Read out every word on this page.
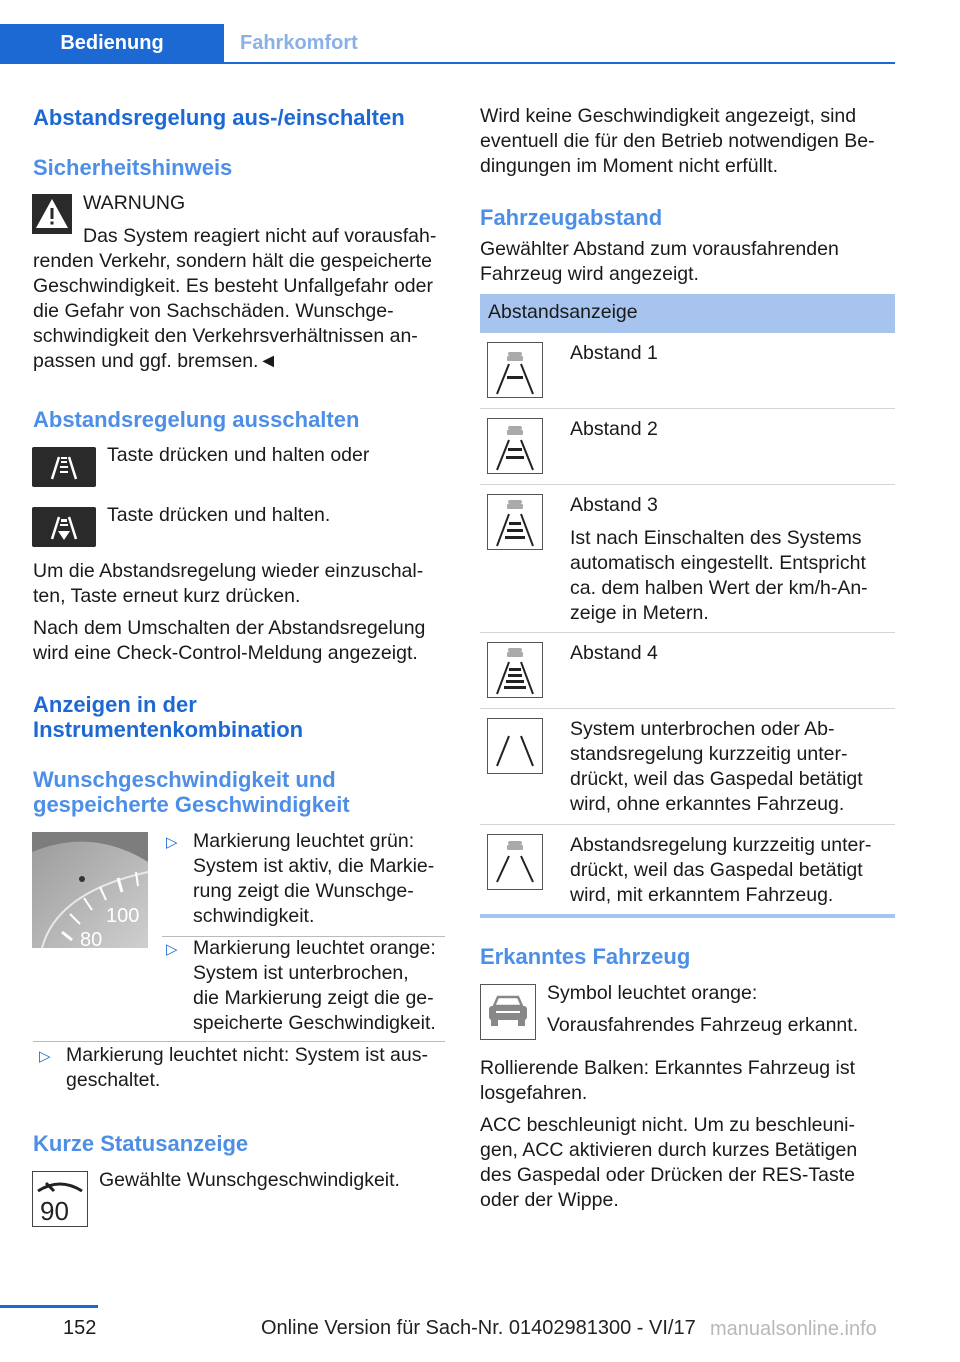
Bedienung	Fahrkomfort
Abstandsregelung aus-/einschalten
Sicherheitshinweis
WARNUNG
Das System reagiert nicht auf vorausfah-

renden Verkehr, sondern hält die gespeicherte

Geschwindigkeit. Es besteht Unfallgefahr oder

die Gefahr von Sachschäden. Wunschge-

schwindigkeit den Verkehrsverhältnissen an-

passen und ggf. bremsen.◄

Abstandsregelung ausschalten
Taste drücken und halten oder
Taste drücken und halten.

Um die Abstandsregelung wieder einzuschal-

ten, Taste erneut kurz drücken.

Nach dem Umschalten der Abstandsregelung

wird eine Check-Control-Meldung angezeigt.

Anzeigen in der
Instrumentenkombination
Wunschgeschwindigkeit und
gespeicherte Geschwindigkeit
100
80
▷ Markierung leuchtet grün:

System ist aktiv, die Markie-

rung zeigt die Wunschge-

schwindigkeit.

▷ Markierung leuchtet orange:

System ist unterbrochen,

die Markierung zeigt die ge-

speicherte Geschwindigkeit.

▷ Markierung leuchtet nicht: System ist aus-

geschaltet.

Kurze Statusanzeige
90
Gewählte Wunschgeschwindigkeit.

Wird keine Geschwindigkeit angezeigt, sind

eventuell die für den Betrieb notwendigen Be-

dingungen im Moment nicht erfüllt.

Fahrzeugabstand

Gewählter Abstand zum vorausfahrenden

Fahrzeug wird angezeigt.

Abstandsanzeige
Abstand 1
Abstand 2

Abstand 3

Ist nach Einschalten des Systems

automatisch eingestellt. Entspricht

ca. dem halben Wert der km/h-An-

zeige in Metern.

Abstand 4

System unterbrochen oder Ab-

standsregelung kurzzeitig unter-

drückt, weil das Gaspedal betätigt

wird, ohne erkanntes Fahrzeug.

Abstandsregelung kurzzeitig unter-

drückt, weil das Gaspedal betätigt

wird, mit erkanntem Fahrzeug.

Erkanntes Fahrzeug
Symbol leuchtet orange:
Vorausfahrendes Fahrzeug erkannt.

Rollierende Balken: Erkanntes Fahrzeug ist

losgefahren.

ACC beschleunigt nicht. Um zu beschleuni-

gen, ACC aktivieren durch kurzes Betätigen

des Gaspedal oder Drücken der RES-Taste

oder der Wippe.

152	Online Version für Sach-Nr. 01402981300 - VI/17 manualsonline.info
